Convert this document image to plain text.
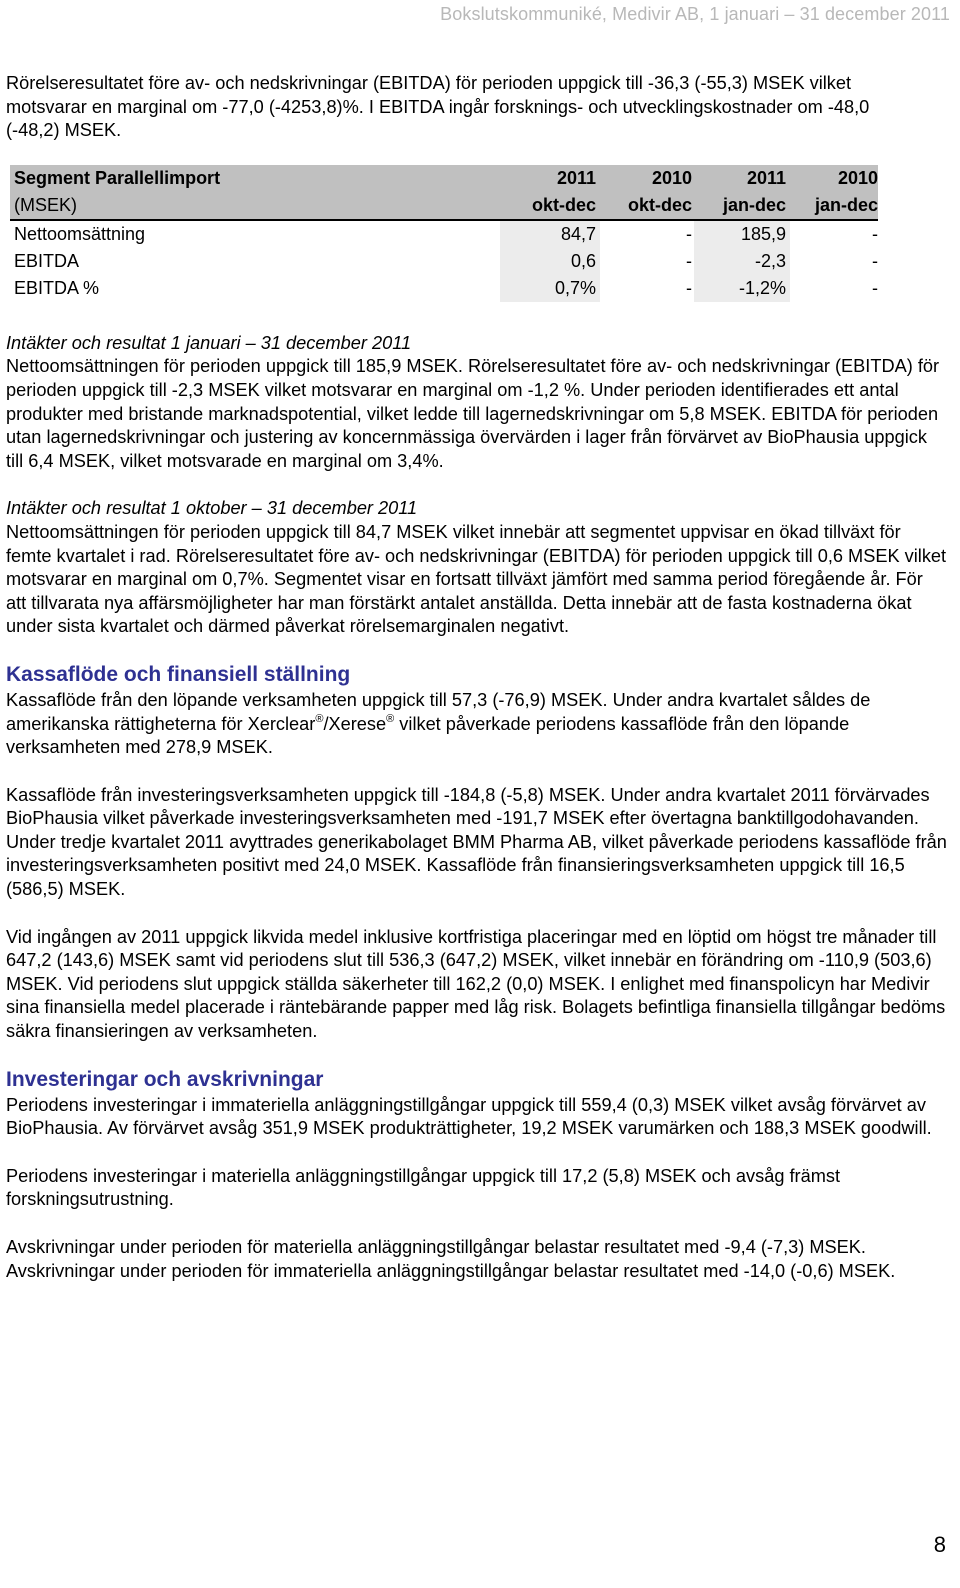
Bokslutskommuniké, Medivir AB, 1 januari – 31 december 2011

Rörelseresultatet före av- och nedskrivningar (EBITDA) för perioden uppgick till -36,3 (-55,3) MSEK vilket motsvarar en marginal om -77,0 (-4253,8)%. I EBITDA ingår forsknings- och utvecklingskostnader om -48,0 (-48,2) MSEK.

Segment Parallellimport	2011	2010	2011	2010
(MSEK)	okt-dec	okt-dec	jan-dec	jan-dec
Nettoomsättning	84,7	-	185,9	-
EBITDA	0,6	-	-2,3	-
EBITDA %	0,7%	-	-1,2%	-

Intäkter och resultat 1 januari – 31 december 2011

Nettoomsättningen för perioden uppgick till 185,9 MSEK. Rörelseresultatet före av- och nedskrivningar (EBITDA) för perioden uppgick till -2,3 MSEK vilket motsvarar en marginal om -1,2 %. Under perioden identifierades ett antal produkter med bristande marknadspotential, vilket ledde till lagernedskrivningar om 5,8 MSEK. EBITDA för perioden utan lagernedskrivningar och justering av koncernmässiga övervärden i lager från förvärvet av BioPhausia uppgick till 6,4 MSEK, vilket motsvarade en marginal om 3,4%.

Intäkter och resultat 1 oktober – 31 december 2011

Nettoomsättningen för perioden uppgick till 84,7 MSEK vilket innebär att segmentet uppvisar en ökad tillväxt för femte kvartalet i rad. Rörelseresultatet före av- och nedskrivningar (EBITDA) för perioden uppgick till 0,6 MSEK vilket motsvarar en marginal om 0,7%. Segmentet visar en fortsatt tillväxt jämfört med samma period föregående år. För att tillvarata nya affärsmöjligheter har man förstärkt antalet anställda. Detta innebär att de fasta kostnaderna ökat under sista kvartalet och därmed påverkat rörelsemarginalen negativt.

Kassaflöde och finansiell ställning

Kassaflöde från den löpande verksamheten uppgick till 57,3 (-76,9) MSEK. Under andra kvartalet såldes de amerikanska rättigheterna för Xerclear®/Xerese® vilket påverkade periodens kassaflöde från den löpande verksamheten med 278,9 MSEK.

Kassaflöde från investeringsverksamheten uppgick till -184,8 (-5,8) MSEK. Under andra kvartalet 2011 förvärvades BioPhausia vilket påverkade investeringsverksamheten med -191,7 MSEK efter övertagna banktillgodohavanden. Under tredje kvartalet 2011 avyttrades generikabolaget BMM Pharma AB, vilket påverkade periodens kassaflöde från investeringsverksamheten positivt med 24,0 MSEK. Kassaflöde från finansieringsverksamheten uppgick till 16,5 (586,5) MSEK.

Vid ingången av 2011 uppgick likvida medel inklusive kortfristiga placeringar med en löptid om högst tre månader till 647,2 (143,6) MSEK samt vid periodens slut till 536,3 (647,2) MSEK, vilket innebär en förändring om -110,9 (503,6) MSEK. Vid periodens slut uppgick ställda säkerheter till 162,2 (0,0) MSEK. I enlighet med finanspolicyn har Medivir sina finansiella medel placerade i räntebärande papper med låg risk. Bolagets befintliga finansiella tillgångar bedöms säkra finansieringen av verksamheten.

Investeringar och avskrivningar

Periodens investeringar i immateriella anläggningstillgångar uppgick till 559,4 (0,3) MSEK vilket avsåg förvärvet av BioPhausia. Av förvärvet avsåg 351,9 MSEK produkträttigheter, 19,2 MSEK varumärken och 188,3 MSEK goodwill.

Periodens investeringar i materiella anläggningstillgångar uppgick till 17,2 (5,8) MSEK och avsåg främst forskningsutrustning.

Avskrivningar under perioden för materiella anläggningstillgångar belastar resultatet med -9,4 (-7,3) MSEK. Avskrivningar under perioden för immateriella anläggningstillgångar belastar resultatet med -14,0 (-0,6) MSEK.

8
